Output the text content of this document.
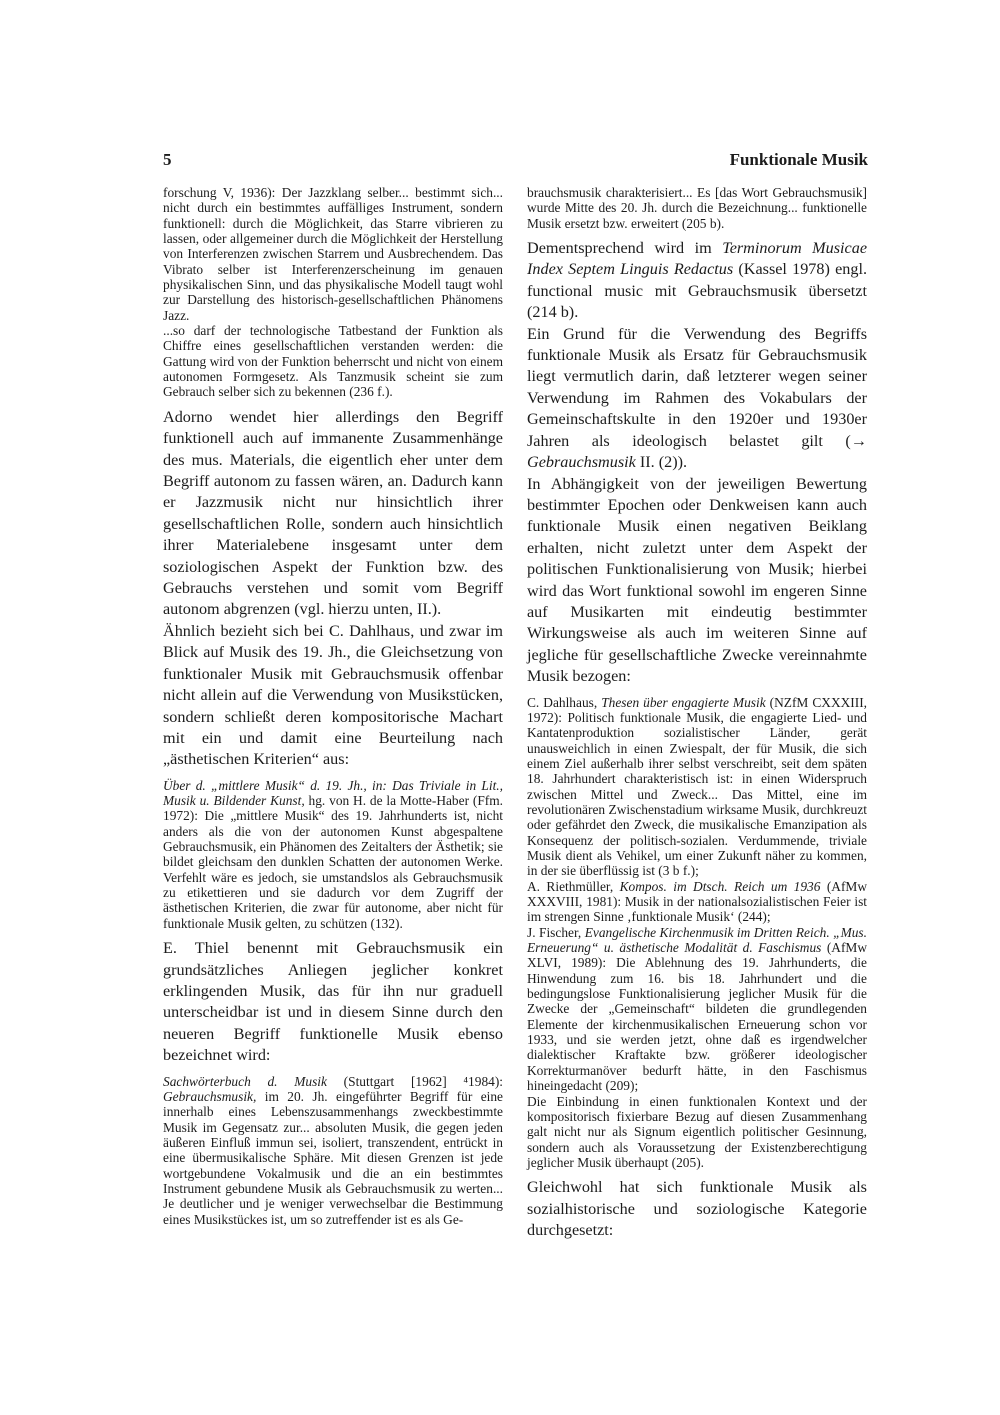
5	Funktionale Musik

forschung V, 1936): Der Jazzklang selber... bestimmt sich... nicht durch ein bestimmtes auffälliges Instrument, sondern funktionell: durch die Möglichkeit, das Starre vibrieren zu lassen, oder allgemeiner durch die Möglichkeit der Herstellung von Interferenzen zwischen Starrem und Ausbrechendem. Das Vibrato selber ist Interferenzerscheinung im genauen physikalischen Sinn, und das physikalische Modell taugt wohl zur Darstellung des historisch-gesellschaftlichen Phänomens Jazz.

...so darf der technologische Tatbestand der Funktion als Chiffre eines gesellschaftlichen verstanden werden: die Gattung wird von der Funktion beherrscht und nicht von einem autonomen Formgesetz. Als Tanzmusik scheint sie zum Gebrauch selber sich zu bekennen (236 f.).

Adorno wendet hier allerdings den Begriff funktionell auch auf immanente Zusammenhänge des mus. Materials, die eigentlich eher unter dem Begriff autonom zu fassen wären, an. Dadurch kann er Jazzmusik nicht nur hinsichtlich ihrer gesellschaftlichen Rolle, sondern auch hinsichtlich ihrer Materialebene insgesamt unter dem soziologischen Aspekt der Funktion bzw. des Gebrauchs verstehen und somit vom Begriff autonom abgrenzen (vgl. hierzu unten, II.).

Ähnlich bezieht sich bei C. Dahlhaus, und zwar im Blick auf Musik des 19. Jh., die Gleichsetzung von funktionaler Musik mit Gebrauchsmusik offenbar nicht allein auf die Verwendung von Musikstücken, sondern schließt deren kompositorische Machart mit ein und damit eine Beurteilung nach „ästhetischen Kriterien“ aus:

Über d. „mittlere Musik“ d. 19. Jh., in: Das Triviale in Lit., Musik u. Bildender Kunst, hg. von H. de la Motte-Haber (Ffm. 1972): Die „mittlere Musik“ des 19. Jahrhunderts ist, nicht anders als die von der autonomen Kunst abgespaltene Gebrauchsmusik, ein Phänomen des Zeitalters der Ästhetik; sie bildet gleichsam den dunklen Schatten der autonomen Werke. Verfehlt wäre es jedoch, sie umstandslos als Gebrauchsmusik zu etikettieren und sie dadurch vor dem Zugriff der ästhetischen Kriterien, die zwar für autonome, aber nicht für funktionale Musik gelten, zu schützen (132).

E. Thiel benennt mit Gebrauchsmusik ein grundsätzliches Anliegen jeglicher konkret erklingenden Musik, das für ihn nur graduell unterscheidbar ist und in diesem Sinne durch den neueren Begriff funktionelle Musik ebenso bezeichnet wird:

Sachwörterbuch d. Musik (Stuttgart [1962] ⁴1984): Gebrauchsmusik, im 20. Jh. eingeführter Begriff für eine innerhalb eines Lebenszusammenhangs zweckbestimmte Musik im Gegensatz zur... absoluten Musik, die gegen jeden äußeren Einfluß immun sei, isoliert, transzendent, entrückt in eine übermusikalische Sphäre. Mit diesen Grenzen ist jede wortgebundene Vokalmusik und die an ein bestimmtes Instrument gebundene Musik als Gebrauchsmusik zu werten... Je deutlicher und je weniger verwechselbar die Bestimmung eines Musikstückes ist, um so zutreffender ist es als Ge-

brauchsmusik charakterisiert... Es [das Wort Gebrauchsmusik] wurde Mitte des 20. Jh. durch die Bezeichnung... funktionelle Musik ersetzt bzw. erweitert (205 b).

Dementsprechend wird im Terminorum Musicae Index Septem Linguis Redactus (Kassel 1978) engl. functional music mit Gebrauchsmusik übersetzt (214 b).

Ein Grund für die Verwendung des Begriffs funktionale Musik als Ersatz für Gebrauchsmusik liegt vermutlich darin, daß letzterer wegen seiner Verwendung im Rahmen des Vokabulars der Gemeinschaftskulte in den 1920er und 1930er Jahren als ideologisch belastet gilt (→ Gebrauchsmusik II. (2)).

In Abhängigkeit von der jeweiligen Bewertung bestimmter Epochen oder Denkweisen kann auch funktionale Musik einen negativen Beiklang erhalten, nicht zuletzt unter dem Aspekt der politischen Funktionalisierung von Musik; hierbei wird das Wort funktional sowohl im engeren Sinne auf Musikarten mit eindeutig bestimmter Wirkungsweise als auch im weiteren Sinne auf jegliche für gesellschaftliche Zwecke vereinnahmte Musik bezogen:

C. Dahlhaus, Thesen über engagierte Musik (NZfM CXXXIII, 1972): Politisch funktionale Musik, die engagierte Lied- und Kantatenproduktion sozialistischer Länder, gerät unausweichlich in einen Zwiespalt, der für Musik, die sich einem Ziel außerhalb ihrer selbst verschreibt, seit dem späten 18. Jahrhundert charakteristisch ist: in einen Widerspruch zwischen Mittel und Zweck... Das Mittel, eine im revolutionären Zwischenstadium wirksame Musik, durchkreuzt oder gefährdet den Zweck, die musikalische Emanzipation als Konsequenz der politisch-sozialen. Verdummende, triviale Musik dient als Vehikel, um einer Zukunft näher zu kommen, in der sie überflüssig ist (3 b f.);

A. Riethmüller, Kompos. im Dtsch. Reich um 1936 (AfMw XXXVIII, 1981): Musik in der nationalsozialistischen Feier ist im strengen Sinne ‚funktionale Musik‘ (244);

J. Fischer, Evangelische Kirchenmusik im Dritten Reich. „Mus. Erneuerung“ u. ästhetische Modalität d. Faschismus (AfMw XLVI, 1989): Die Ablehnung des 19. Jahrhunderts, die Hinwendung zum 16. bis 18. Jahrhundert und die bedingungslose Funktionalisierung jeglicher Musik für die Zwecke der „Gemeinschaft“ bildeten die grundlegenden Elemente der kirchenmusikalischen Erneuerung schon vor 1933, und sie werden jetzt, ohne daß es irgendwelcher dialektischer Kraftakte bzw. größerer ideologischer Korrekturmanöver bedurft hätte, in den Faschismus hineingedacht (209);

Die Einbindung in einen funktionalen Kontext und der kompositorisch fixierbare Bezug auf diesen Zusammenhang galt nicht nur als Signum eigentlich politischer Gesinnung, sondern auch als Voraussetzung der Existenzberechtigung jeglicher Musik überhaupt (205).

Gleichwohl hat sich funktionale Musik als sozialhistorische und soziologische Kategorie durchgesetzt:
